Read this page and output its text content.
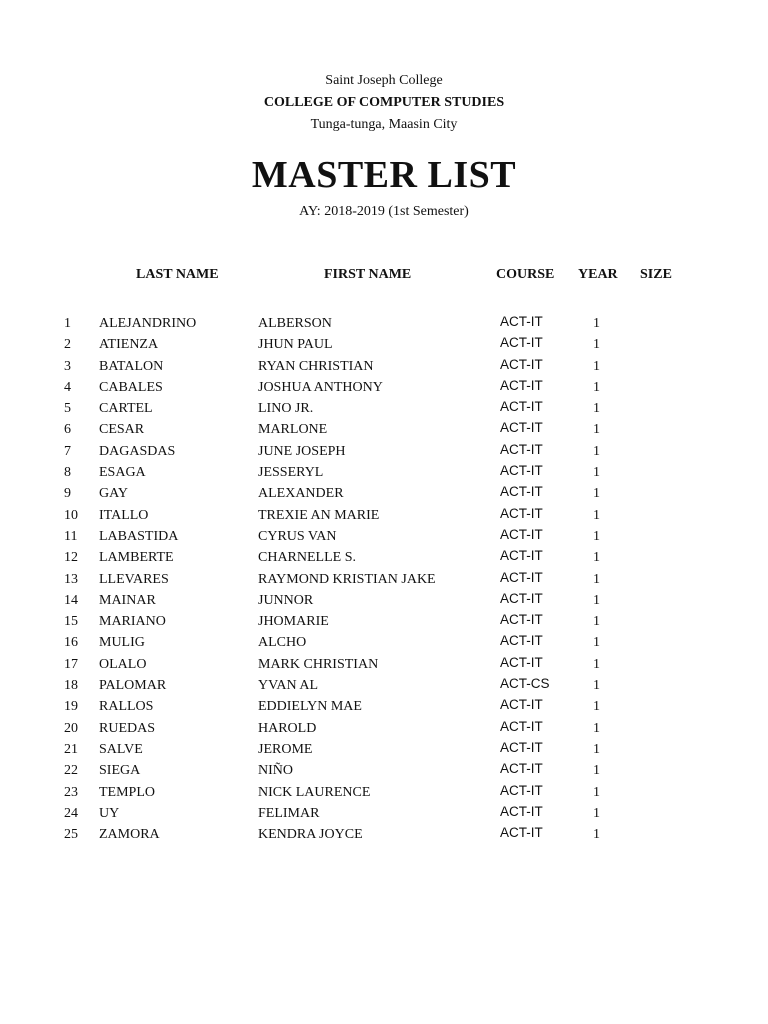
Saint Joseph College
COLLEGE OF COMPUTER STUDIES
Tunga-tunga, Maasin City
MASTER LIST
AY: 2018-2019 (1st Semester)
LAST NAME	FIRST NAME	COURSE YEAR SIZE
1 ALEJANDRINO	ALBERSON	ACT-IT	1
2 ATIENZA	JHUN PAUL	ACT-IT	1
3 BATALON	RYAN CHRISTIAN	ACT-IT	1
4 CABALES	JOSHUA ANTHONY	ACT-IT	1
5 CARTEL	LINO JR.	ACT-IT	1
6 CESAR	MARLONE	ACT-IT	1
7 DAGASDAS	JUNE JOSEPH	ACT-IT	1
8 ESAGA	JESSERYL	ACT-IT	1
9 GAY	ALEXANDER	ACT-IT	1
10 ITALLO	TREXIE AN MARIE	ACT-IT	1
11 LABASTIDA	CYRUS VAN	ACT-IT	1
12 LAMBERTE	CHARNELLE S.	ACT-IT	1
13 LLEVARES	RAYMOND KRISTIAN JAKE	ACT-IT	1
14 MAINAR	JUNNOR	ACT-IT	1
15 MARIANO	JHOMARIE	ACT-IT	1
16 MULIG	ALCHO	ACT-IT	1
17 OLALO	MARK CHRISTIAN	ACT-IT	1
18 PALOMAR	YVAN AL	ACT-CS	1
19 RALLOS	EDDIELYN MAE	ACT-IT	1
20 RUEDAS	HAROLD	ACT-IT	1
21 SALVE	JEROME	ACT-IT	1
22 SIEGA	NIÑO	ACT-IT	1
23 TEMPLO	NICK LAURENCE	ACT-IT	1
24 UY	FELIMAR	ACT-IT	1
25 ZAMORA	KENDRA JOYCE	ACT-IT	1
